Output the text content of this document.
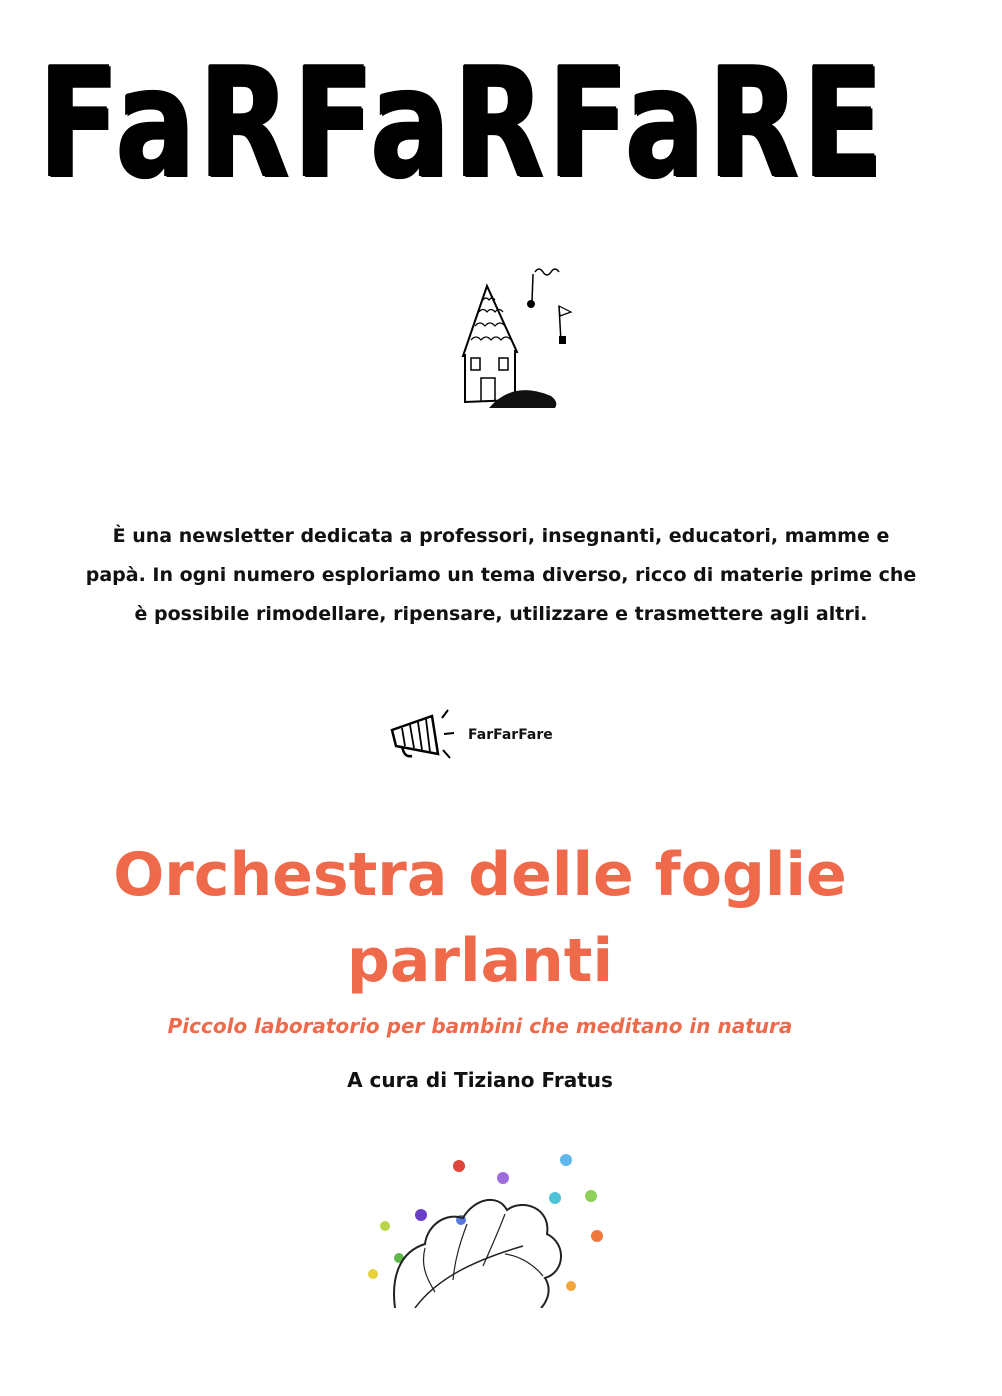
FaRFaRFaRE
È una newsletter dedicata a professori, insegnanti, educatori, mamme e
papà. In ogni numero esploriamo un tema diverso, ricco di materie prime che
è possibile rimodellare, ripensare, utilizzare e trasmettere agli altri.
FarFarFare
Orchestra delle foglie
parlanti
Piccolo laboratorio per bambini che meditano in natura
A cura di Tiziano Fratus
